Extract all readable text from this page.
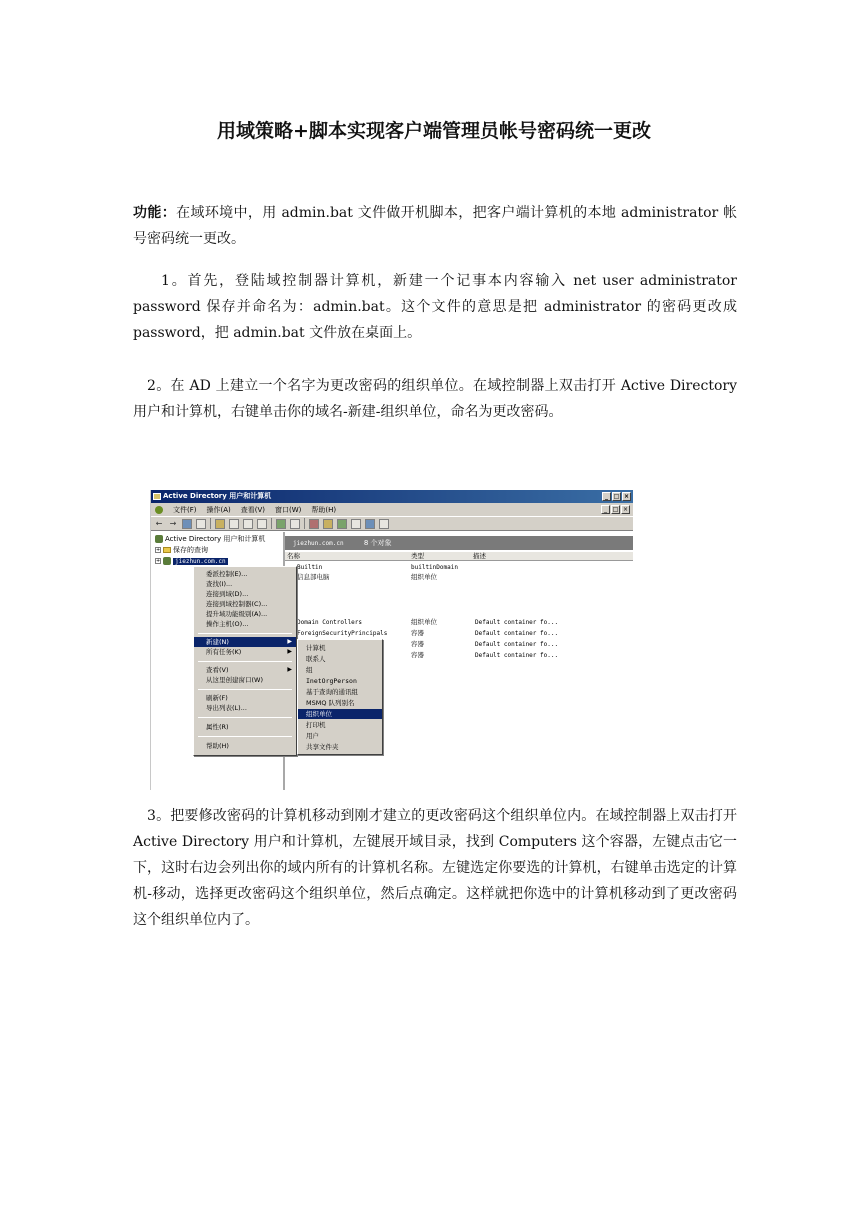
用域策略+脚本实现客户端管理员帐号密码统一更改
功能：在域环境中，用 admin.bat 文件做开机脚本，把客户端计算机的本地 administrator 帐号密码统一更改。
1。首先，登陆域控制器计算机，新建一个记事本内容输入 net user administrator password 保存并命名为：admin.bat。这个文件的意思是把 administrator 的密码更改成 password，把 admin.bat 文件放在桌面上。
2。在 AD 上建立一个名字为更改密码的组织单位。在域控制器上双击打开 Active Directory 用户和计算机，右键单击你的域名-新建-组织单位，命名为更改密码。
Active Directory 用户和计算机	_ □ ×
文件(F) 操作(A) 查看(V) 窗口(W) 帮助(H)	_ □ ×
← →
Active Directory 用户和计算机
+ 保存的查询
+	jiezhun.com.cn
jiezhun.com.cn	8 个对象
名称	类型	描述
Builtin	builtinDomain
信息部电脑	组织单位
Domain Controllers	组织单位	Default container fo...
ForeignSecurityPrincipals	容器	Default container fo...
容器	Default container fo...
容器	Default container fo...
委派控制(E)...
查找(I)...
连接到域(D)...
连接到域控制器(C)...
提升域功能级别(A)...
操作主机(O)...
新建(N)	▶
所有任务(K)	▶
查看(V)	▶
从这里创建窗口(W)
刷新(F)
导出列表(L)...
属性(R)
帮助(H)
计算机
联系人
组
InetOrgPerson
基于查询的通讯组
MSMQ 队列别名
组织单位
打印机
用户
共享文件夹
3。把要修改密码的计算机移动到刚才建立的更改密码这个组织单位内。在域控制器上双击打开 Active Directory 用户和计算机，左键展开域目录，找到 Computers 这个容器，左键点击它一下，这时右边会列出你的域内所有的计算机名称。左键选定你要选的计算机，右键单击选定的计算机-移动，选择更改密码这个组织单位，然后点确定。这样就把你选中的计算机移动到了更改密码这个组织单位内了。
